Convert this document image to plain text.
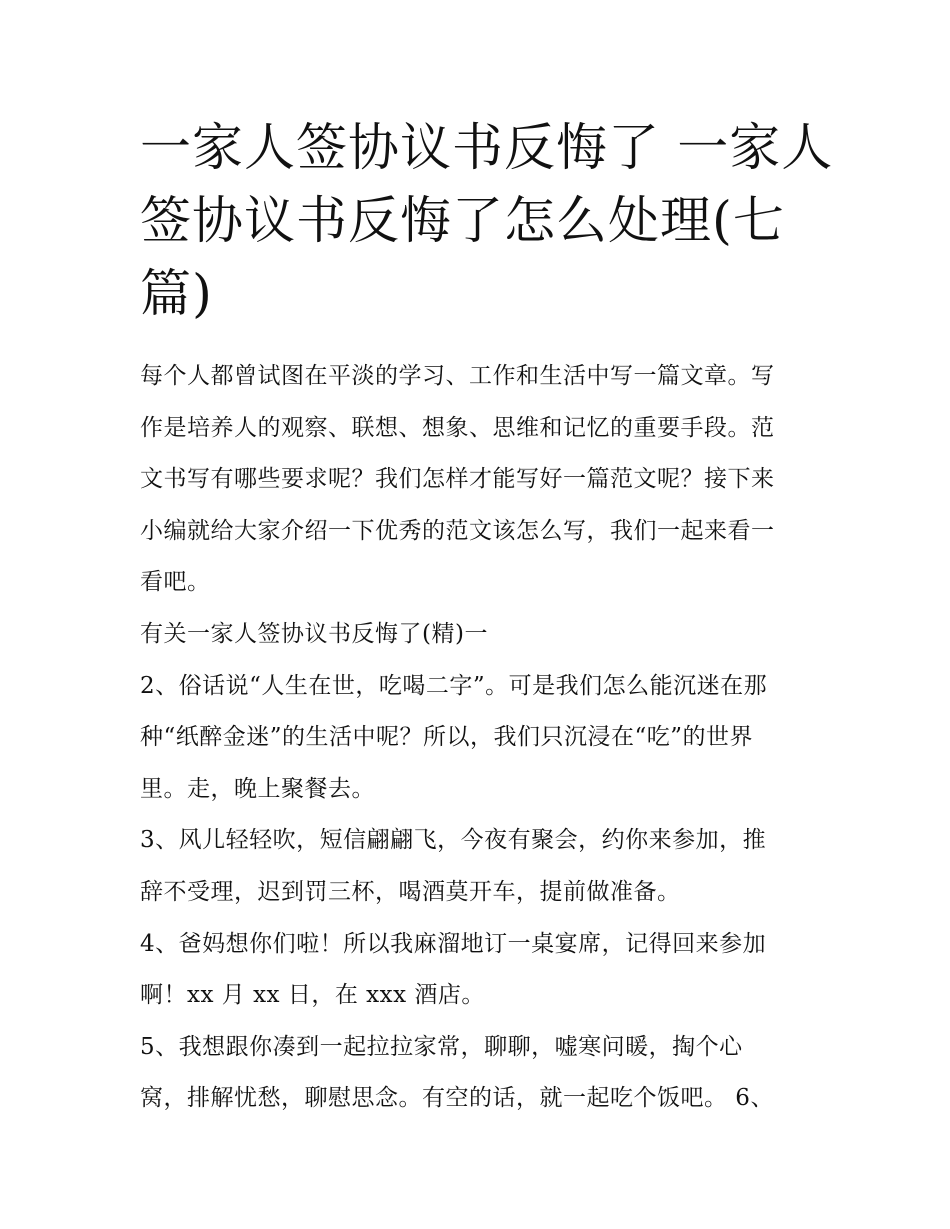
一家人签协议书反悔了 一家人
签协议书反悔了怎么处理(七
篇)
每个人都曾试图在平淡的学习、工作和生活中写一篇文章。写
作是培养人的观察、联想、想象、思维和记忆的重要手段。范
文书写有哪些要求呢？我们怎样才能写好一篇范文呢？接下来
小编就给大家介绍一下优秀的范文该怎么写，我们一起来看一
看吧。
有关一家人签协议书反悔了(精)一
2、俗话说“人生在世，吃喝二字”。可是我们怎么能沉迷在那
种“纸醉金迷”的生活中呢？所以，我们只沉浸在“吃”的世界
里。走，晚上聚餐去。
3、风儿轻轻吹，短信翩翩飞，今夜有聚会，约你来参加，推
辞不受理，迟到罚三杯，喝酒莫开车，提前做准备。
4、爸妈想你们啦！所以我麻溜地订一桌宴席，记得回来参加
啊！xx 月 xx 日，在 xxx 酒店。
5、我想跟你凑到一起拉拉家常，聊聊，嘘寒问暖，掏个心
窝，排解忧愁，聊慰思念。有空的话，就一起吃个饭吧。 6、
